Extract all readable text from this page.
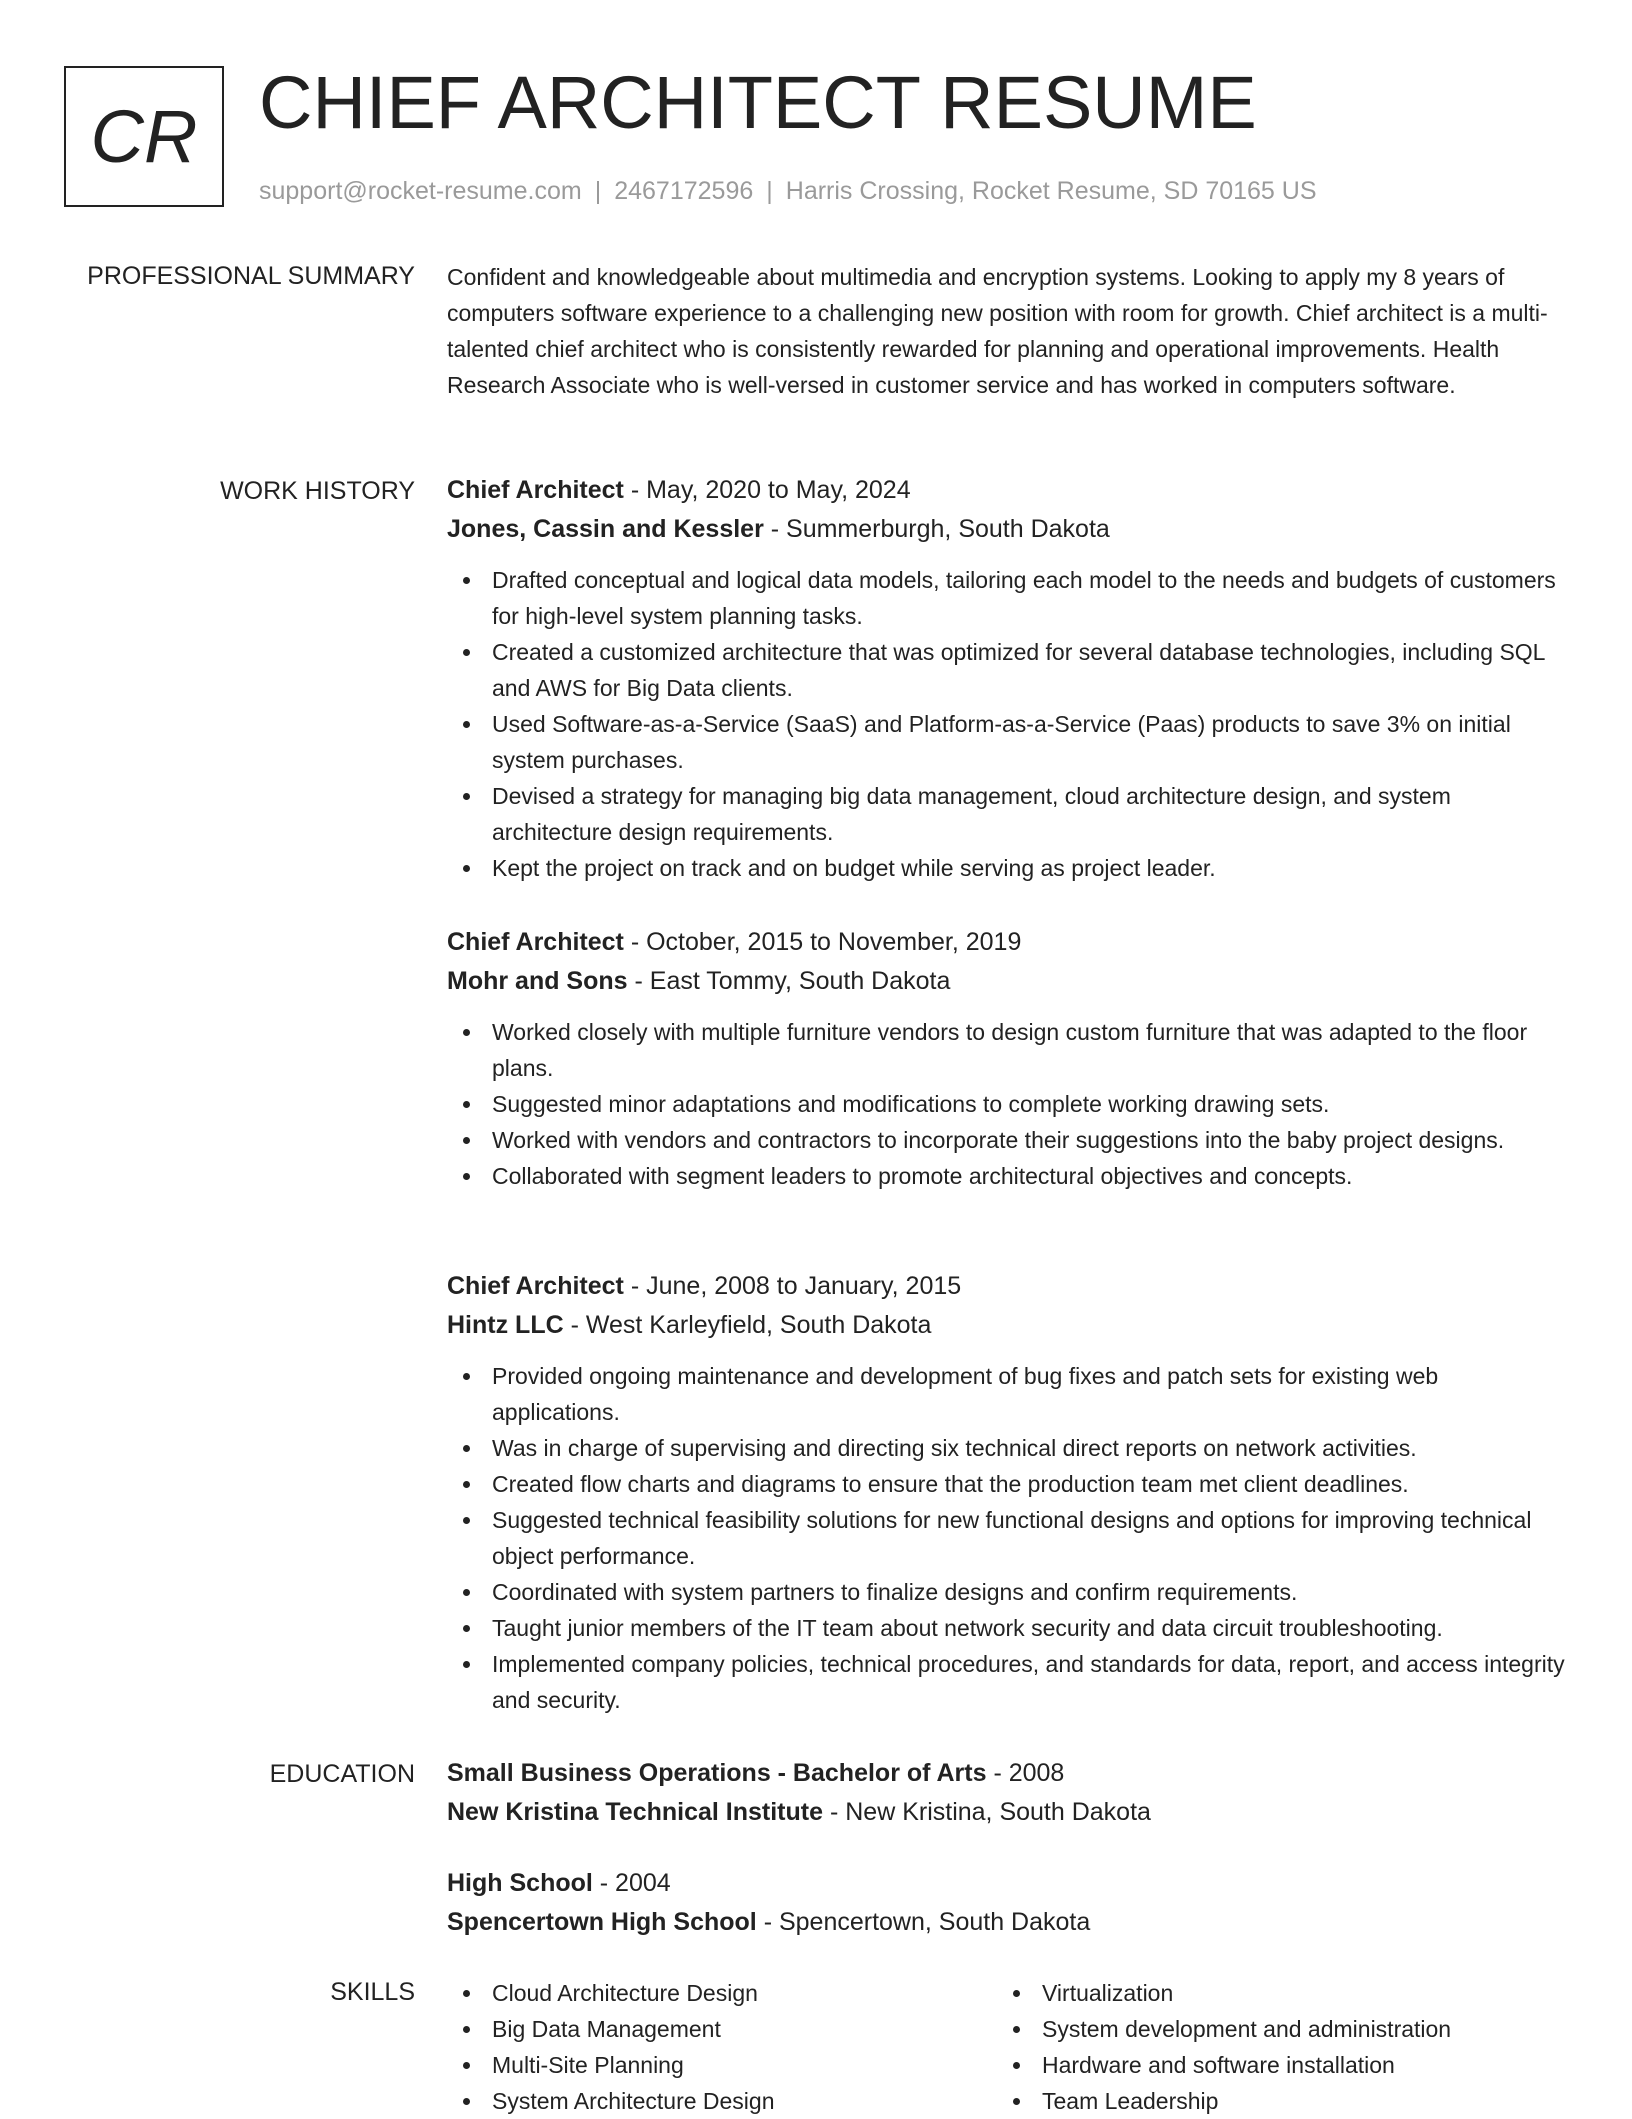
CR CHIEF ARCHITECT RESUME
support@rocket-resume.com | 2467172596 | Harris Crossing, Rocket Resume, SD 70165 US
PROFESSIONAL SUMMARY Confident and knowledgeable about multimedia and encryption systems. Looking to apply my 8 years of computers software experience to a challenging new position with room for growth. Chief architect is a multi-talented chief architect who is consistently rewarded for planning and operational improvements. Health Research Associate who is well-versed in customer service and has worked in computers software.
WORK HISTORY Chief Architect - May, 2020 to May, 2024
Jones, Cassin and Kessler - Summerburgh, South Dakota
Drafted conceptual and logical data models, tailoring each model to the needs and budgets of customers for high-level system planning tasks.
Created a customized architecture that was optimized for several database technologies, including SQL and AWS for Big Data clients.
Used Software-as-a-Service (SaaS) and Platform-as-a-Service (Paas) products to save 3% on initial system purchases.
Devised a strategy for managing big data management, cloud architecture design, and system architecture design requirements.
Kept the project on track and on budget while serving as project leader.
Chief Architect - October, 2015 to November, 2019
Mohr and Sons - East Tommy, South Dakota
Worked closely with multiple furniture vendors to design custom furniture that was adapted to the floor plans.
Suggested minor adaptations and modifications to complete working drawing sets.
Worked with vendors and contractors to incorporate their suggestions into the baby project designs.
Collaborated with segment leaders to promote architectural objectives and concepts.
Chief Architect - June, 2008 to January, 2015
Hintz LLC - West Karleyfield, South Dakota
Provided ongoing maintenance and development of bug fixes and patch sets for existing web applications.
Was in charge of supervising and directing six technical direct reports on network activities.
Created flow charts and diagrams to ensure that the production team met client deadlines.
Suggested technical feasibility solutions for new functional designs and options for improving technical object performance.
Coordinated with system partners to finalize designs and confirm requirements.
Taught junior members of the IT team about network security and data circuit troubleshooting.
Implemented company policies, technical procedures, and standards for data, report, and access integrity and security.
EDUCATION Small Business Operations - Bachelor of Arts - 2008
New Kristina Technical Institute - New Kristina, South Dakota
High School - 2004
Spencertown High School - Spencertown, South Dakota
SKILLS	Cloud Architecture Design
Big Data Management
Multi-Site Planning
System Architecture Design
Virtualization
System development and administration
Hardware and software installation
Team Leadership
